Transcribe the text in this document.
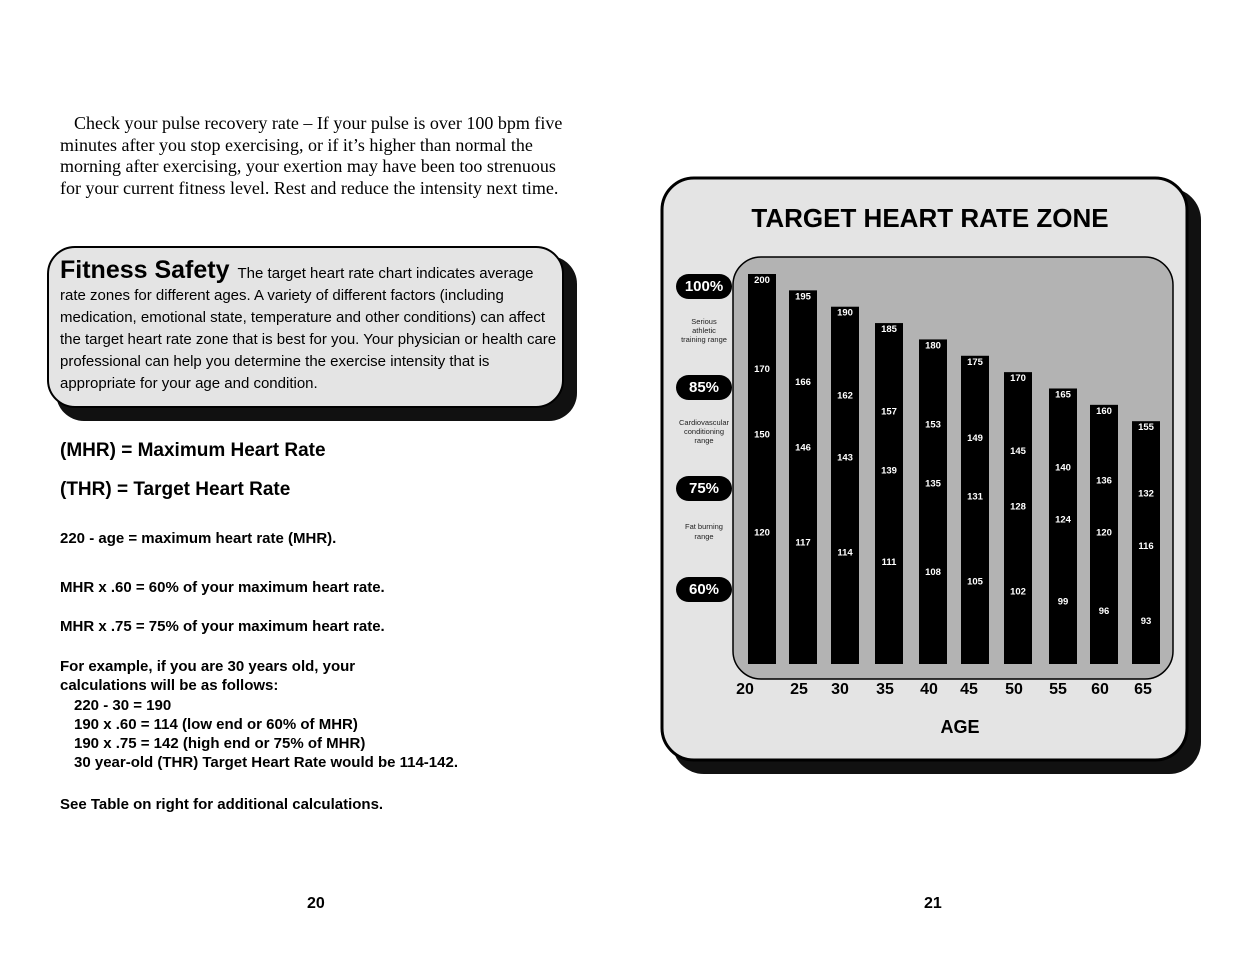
Check your pulse recovery rate – If your pulse is over 100 bpm five minutes after you stop exercising, or if it’s higher than normal the morning after exercising, your exertion may have been too strenuous for your current fitness level. Rest and reduce the intensity next time.
Fitness Safety The target heart rate chart indicates average rate zones for different ages. A variety of different factors (including medication, emotional state, temperature and other conditions) can affect the target heart rate zone that is best for you. Your physician or health care professional can help you determine the exercise intensity that is appropriate for your age and condition.
(MHR) = Maximum Heart Rate
(THR) = Target Heart Rate
220 - age = maximum heart rate (MHR).
MHR x .60 = 60% of your maximum heart rate.
MHR x .75 = 75% of your maximum heart rate.
For example, if you are 30 years old, your
calculations will be as follows:
220 - 30 = 190
190 x .60 = 114 (low end or 60% of MHR)
190 x .75 = 142 (high end or 75% of MHR)
30 year-old (THR) Target Heart Rate would be 114-142.
See Table on right for additional calculations.
20	21
TARGET HEART RATE ZONE
100%
Serious athletic training range
85%
Cardiovascular conditioning range
75%
Fat burning range
60%
200
170
150
120
195
166
146
117
190
162
143
114
185
157
139
111
180
153
135
108
175
149
131
105
170
145
128
102
165
140
124
99
160
136
120
96
155
132
116
93
20 25 30 35 40 45 50 55 60 65
AGE
